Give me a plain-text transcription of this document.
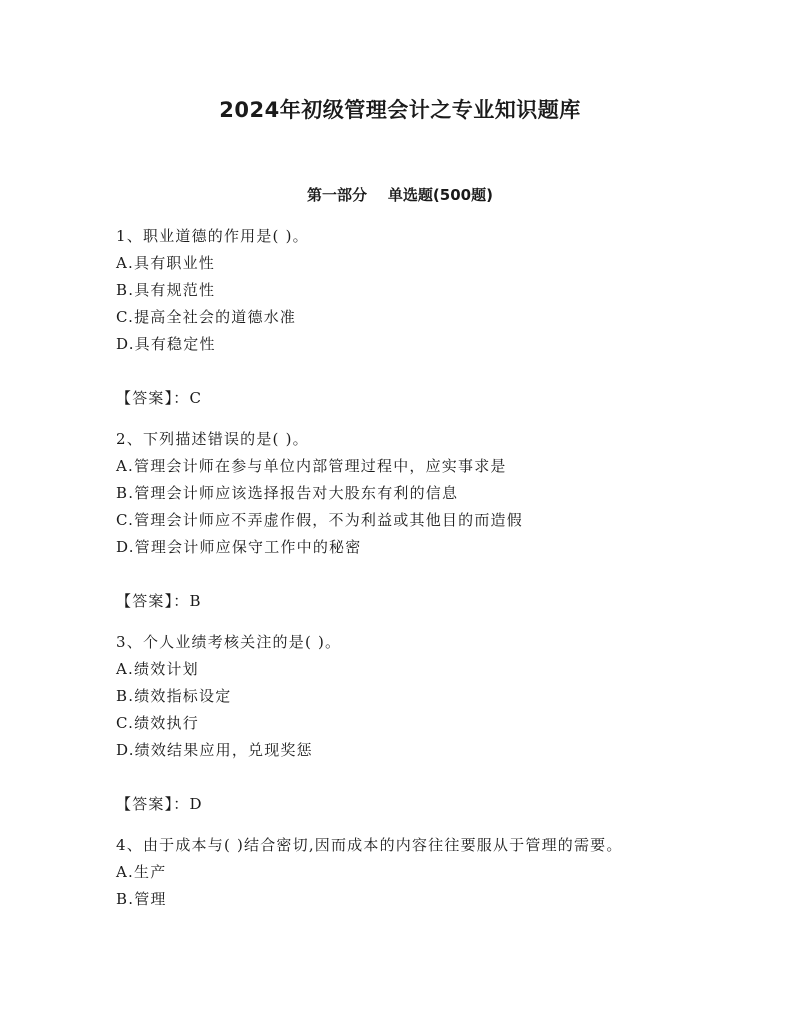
2024年初级管理会计之专业知识题库
第一部分    单选题(500题)
1、职业道德的作用是( )。
A.具有职业性
B.具有规范性
C.提高全社会的道德水准
D.具有稳定性
【答案】：C
2、下列描述错误的是( )。
A.管理会计师在参与单位内部管理过程中，应实事求是
B.管理会计师应该选择报告对大股东有利的信息
C.管理会计师应不弄虚作假，不为利益或其他目的而造假
D.管理会计师应保守工作中的秘密
【答案】：B
3、个人业绩考核关注的是( )。
A.绩效计划
B.绩效指标设定
C.绩效执行
D.绩效结果应用，兑现奖惩
【答案】：D
4、由于成本与( )结合密切,因而成本的内容往往要服从于管理的需要。
A.生产
B.管理
